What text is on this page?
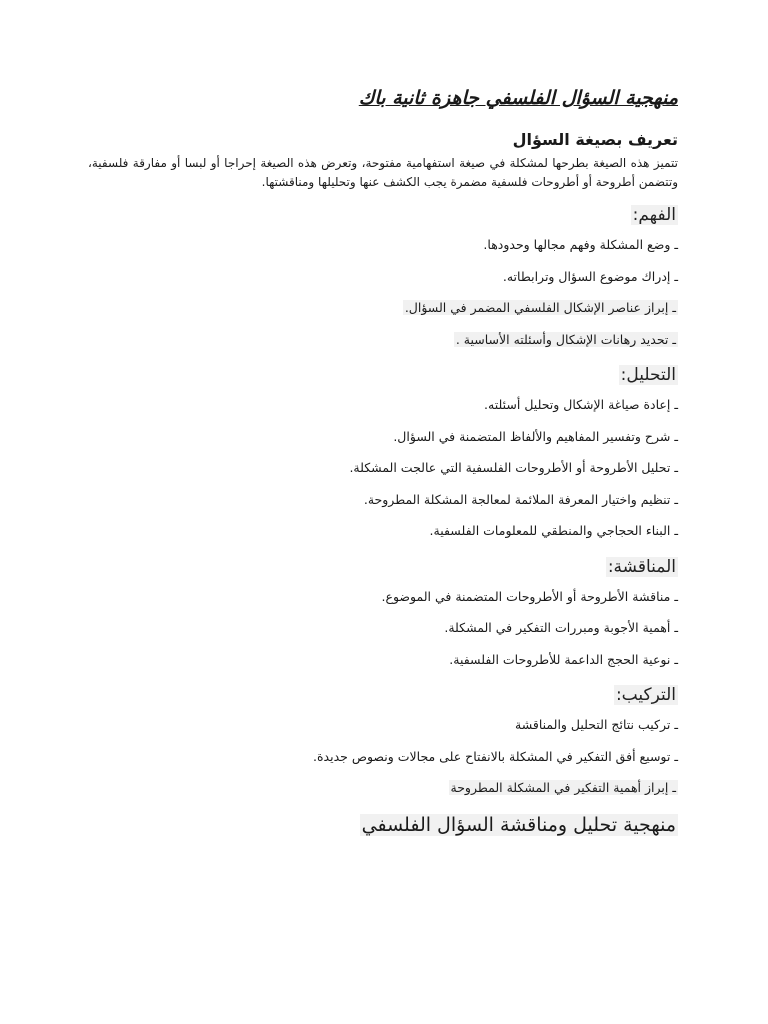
منهجية السؤال الفلسفي جاهزة ثانية باك
تعريف بصيغة السؤال

تتميز هذه الصيغة بطرحها لمشكلة في صيغة استفهامية مفتوحة، وتعرض هذه الصيغة إحراجا أو لبسا أو مفارقة فلسفية، وتتضمن أطروحة أو أطروحات فلسفية مضمرة يجب الكشف عنها وتحليلها ومناقشتها.

الفهم:
ـ وضع المشكلة وفهم مجالها وحدودها.
ـ إدراك موضوع السؤال وترابطاته.
ـ إبراز عناصر الإشكال الفلسفي المضمر في السؤال.
ـ تحديد رهانات الإشكال وأسئلته الأساسية .
التحليل:
ـ إعادة صياغة الإشكال وتحليل أسئلته.
ـ شرح وتفسير المفاهيم والألفاظ المتضمنة في السؤال.
ـ تحليل الأطروحة أو الأطروحات الفلسفية التي عالجت المشكلة.
ـ تنظيم واختيار المعرفة الملائمة لمعالجة المشكلة المطروحة.
ـ البناء الحجاجي والمنطقي للمعلومات الفلسفية.
المناقشة:
ـ مناقشة الأطروحة أو الأطروحات المتضمنة في الموضوع.
ـ أهمية الأجوبة ومبررات التفكير في المشكلة.
ـ نوعية الحجج الداعمة للأطروحات الفلسفية.
التركيب:
ـ تركيب نتائج التحليل والمناقشة
ـ توسيع أفق التفكير في المشكلة بالانفتاح على مجالات ونصوص جديدة.
ـ إبراز أهمية التفكير في المشكلة المطروحة
منهجية تحليل ومناقشة السؤال الفلسفي
